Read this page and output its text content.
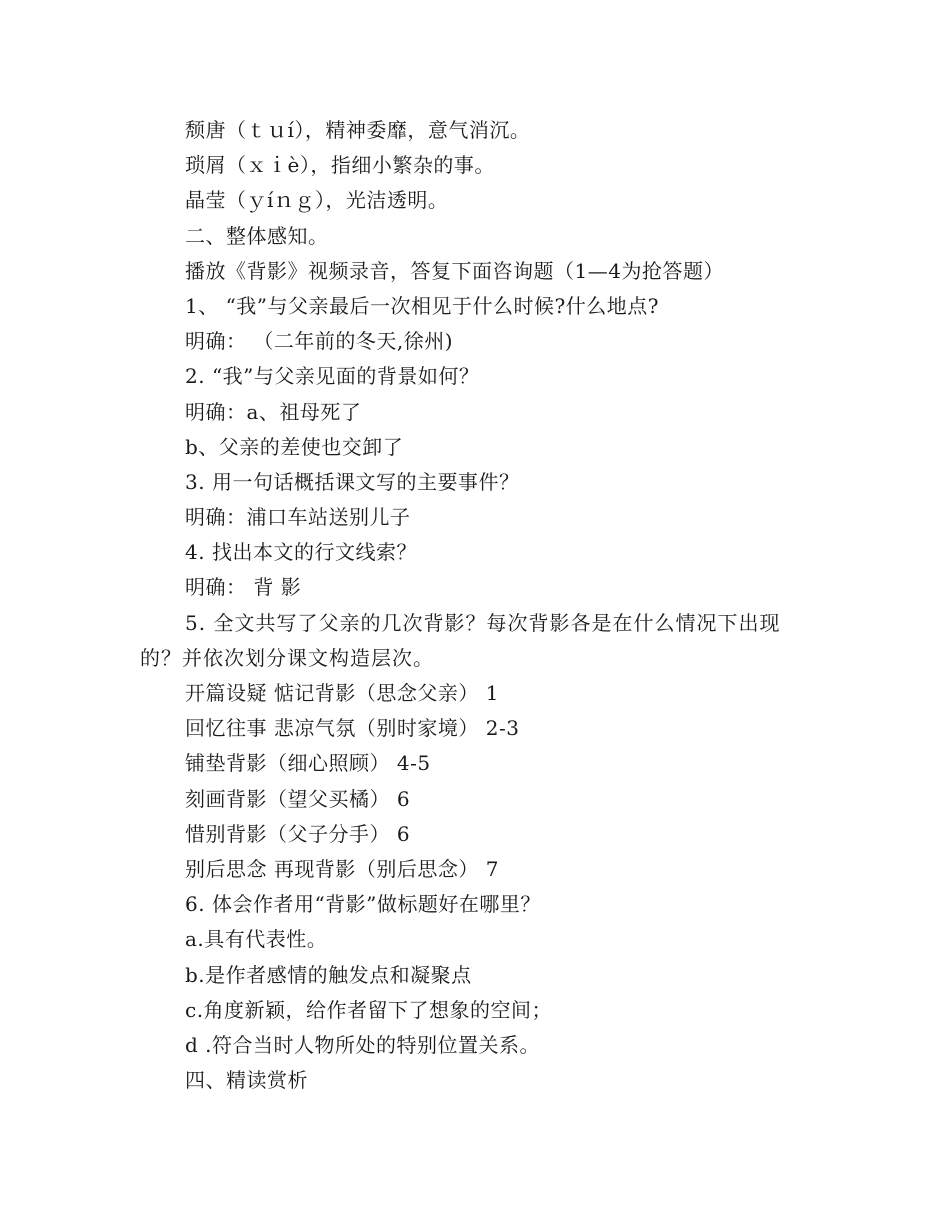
颓唐（ｔｕí），精神委靡，意气消沉。
琐屑（ｘｉè），指细小繁杂的事。
晶莹（ｙíｎｇ），光洁透明。
二、整体感知。
播放《背影》视频录音，答复下面咨询题（1—4为抢答题）
1、 “我”与父亲最后一次相见于什么时候?什么地点?
明确： （二年前的冬天,徐州)
2. “我”与父亲见面的背景如何？
明确：a、祖母死了
b、父亲的差使也交卸了
3. 用一句话概括课文写的主要事件？
明确：浦口车站送别儿子
4. 找出本文的行文线索？
明确： 背 影
5. 全文共写了父亲的几次背影？每次背影各是在什么情况下出现的？并依次划分课文构造层次。
开篇设疑 惦记背影（思念父亲） 1
回忆往事 悲凉气氛（别时家境） 2-3
铺垫背影（细心照顾） 4-5
刻画背影（望父买橘） 6
惜别背影（父子分手） 6
别后思念 再现背影（别后思念） 7
6. 体会作者用“背影”做标题好在哪里？
a.具有代表性。
b.是作者感情的触发点和凝聚点
c.角度新颖，给作者留下了想象的空间；
d .符合当时人物所处的特别位置关系。
四、精读赏析
